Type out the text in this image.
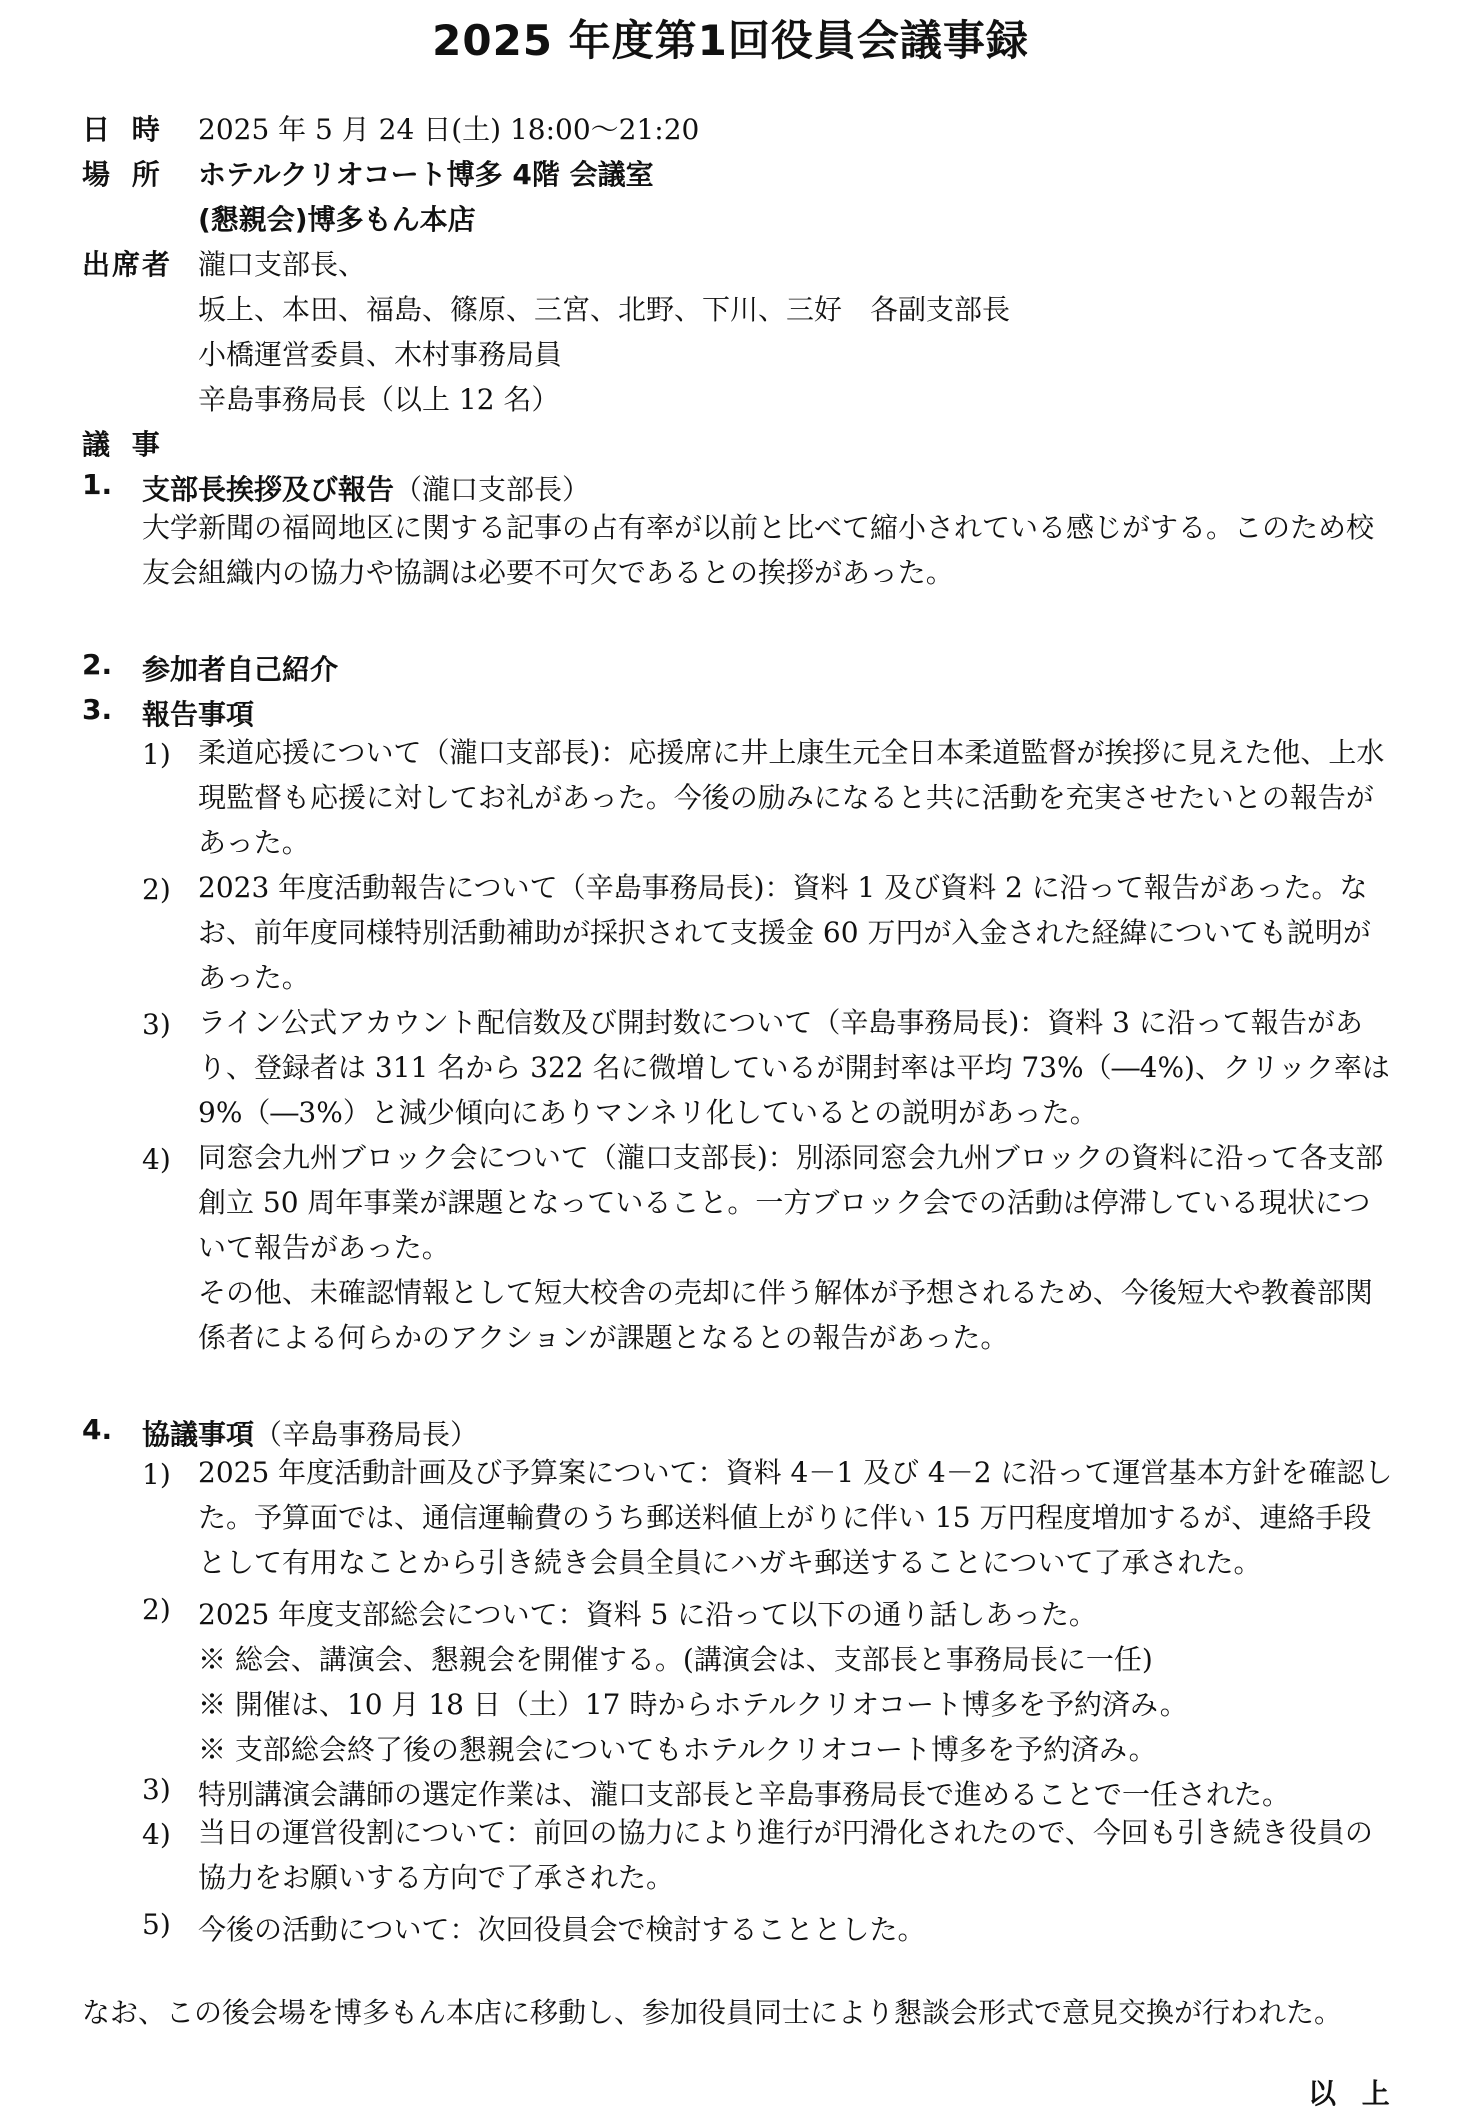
2025 年度第1回役員会議事録
日 時 2025 年 5 月 24 日(土) 18:00～21:20
場 所 ホテルクリオコート博多 4階 会議室
(懇親会)博多もん本店
出席者 瀧口支部長、
坂上、本田、福島、篠原、三宮、北野、下川、三好　各副支部長
小橋運営委員、木村事務局員
辛島事務局長（以上 12 名）
議 事
1. 支部長挨拶及び報告（瀧口支部長）
大学新聞の福岡地区に関する記事の占有率が以前と比べて縮小されている感じがする。このため校友会組織内の協力や協調は必要不可欠であるとの挨拶があった。
2. 参加者自己紹介
3. 報告事項
1) 柔道応援について（瀧口支部長)：応援席に井上康生元全日本柔道監督が挨拶に見えた他、上水現監督も応援に対してお礼があった。今後の励みになると共に活動を充実させたいとの報告があった。
2) 2023 年度活動報告について（辛島事務局長)：資料 1 及び資料 2 に沿って報告があった。なお、前年度同様特別活動補助が採択されて支援金 60 万円が入金された経緯についても説明があった。
3) ライン公式アカウント配信数及び開封数について（辛島事務局長)：資料 3 に沿って報告があり、登録者は 311 名から 322 名に微増しているが開封率は平均 73%（―4%)、クリック率は 9%（―3%）と減少傾向にありマンネリ化しているとの説明があった。
4) 同窓会九州ブロック会について（瀧口支部長)：別添同窓会九州ブロックの資料に沿って各支部創立 50 周年事業が課題となっていること。一方ブロック会での活動は停滞している現状について報告があった。
その他、未確認情報として短大校舎の売却に伴う解体が予想されるため、今後短大や教養部関係者による何らかのアクションが課題となるとの報告があった。
4. 協議事項（辛島事務局長）
1) 2025 年度活動計画及び予算案について：資料 4－1 及び 4－2 に沿って運営基本方針を確認した。予算面では、通信運輸費のうち郵送料値上がりに伴い 15 万円程度増加するが、連絡手段として有用なことから引き続き会員全員にハガキ郵送することについて了承された。
2) 2025 年度支部総会について：資料 5 に沿って以下の通り話しあった。
※ 総会、講演会、懇親会を開催する。(講演会は、支部長と事務局長に一任)
※ 開催は、10 月 18 日（土）17 時からホテルクリオコート博多を予約済み。
※ 支部総会終了後の懇親会についてもホテルクリオコート博多を予約済み。
3) 特別講演会講師の選定作業は、瀧口支部長と辛島事務局長で進めることで一任された。
4) 当日の運営役割について：前回の協力により進行が円滑化されたので、今回も引き続き役員の協力をお願いする方向で了承された。
5) 今後の活動について：次回役員会で検討することとした。
なお、この後会場を博多もん本店に移動し、参加役員同士により懇談会形式で意見交換が行われた。
以 上
